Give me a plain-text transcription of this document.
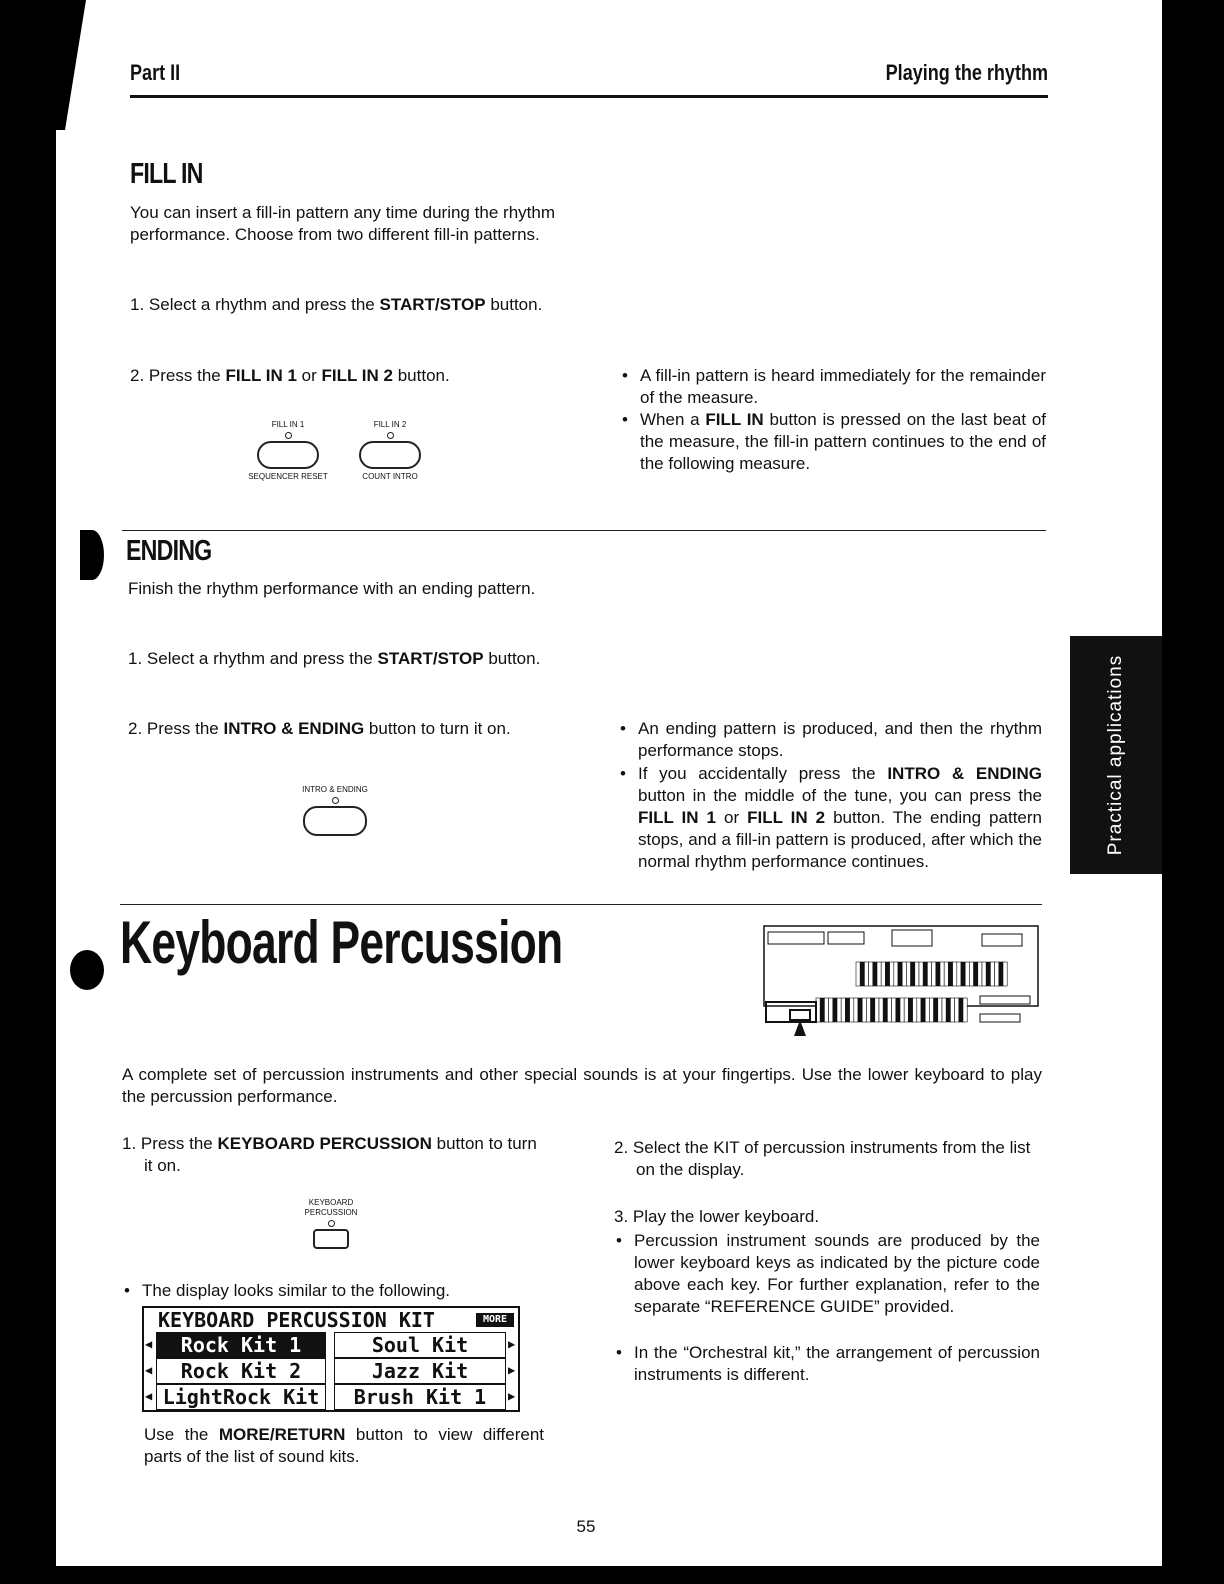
Practical applications
Part II	Playing the rhythm
FILL IN
You can insert a fill-in pattern any time during the rhythm performance. Choose from two different fill-in patterns.
1. Select a rhythm and press the START/STOP button.
2. Press the FILL IN 1 or FILL IN 2 button.
FILL IN 1
SEQUENCER RESET
FILL IN 2
COUNT INTRO
• A fill-in pattern is heard immediately for the remainder of the measure.
• When a FILL IN button is pressed on the last beat of the measure, the fill-in pattern continues to the end of the following measure.
ENDING
Finish the rhythm performance with an ending pattern.
1. Select a rhythm and press the START/STOP button.
2. Press the INTRO & ENDING button to turn it on.
INTRO & ENDING
• An ending pattern is produced, and then the rhythm performance stops.
• If you accidentally press the INTRO & ENDING button in the middle of the tune, you can press the FILL IN 1 or FILL IN 2 button. The ending pattern stops, and a fill-in pattern is produced, after which the normal rhythm performance continues.
Keyboard Percussion
A complete set of percussion instruments and other special sounds is at your fingertips. Use the lower keyboard to play the percussion performance.
1. Press the KEYBOARD PERCUSSION button to turn it on.
KEYBOARD
PERCUSSION
• The display looks similar to the following.
KEYBOARD PERCUSSION KIT	MORE
◀
◀
◀
▶
▶
▶
Rock Kit 1	Soul Kit
Rock Kit 2	Jazz Kit
LightRock Kit	Brush Kit 1
Use the MORE/RETURN button to view different parts of the list of sound kits.
2. Select the KIT of percussion instruments from the list on the display.
3. Play the lower keyboard.
• Percussion instrument sounds are produced by the lower keyboard keys as indicated by the picture code above each key. For further explanation, refer to the separate “REFERENCE GUIDE” provided.
• In the “Orchestral kit,” the arrangement of percussion instruments is different.
55
